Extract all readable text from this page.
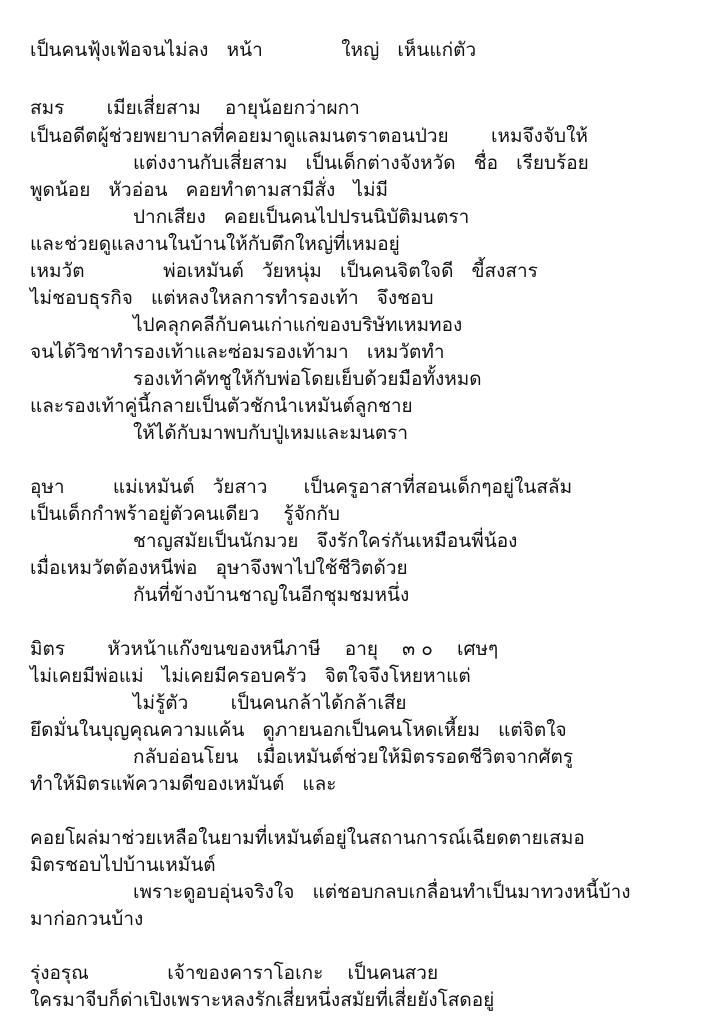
เป็นคนฟุ้งเฟ้อจนไม่ลง   หน้า             ใหญ่   เห็นแก่ตัว
สมร       เมียเสี่ยสาม    อายุน้อยกว่าผกา
เป็นอดีตผู้ช่วยพยาบาลที่คอยมาดูแลมนตราตอนป่วย       เหมจึงจับให้
แต่งงานกับเสี่ยสาม   เป็นเด็กต่างจังหวัด   ชื่อ   เรียบร้อย
พูดน้อย   หัวอ่อน   คอยทำตามสามีสั่ง   ไม่มี
ปากเสียง   คอยเป็นคนไปปรนนิบัติมนตรา
และช่วยดูแลงานในบ้านให้กับตึกใหญ่ที่เหมอยู่
เหมวัต             พ่อเหมันต์   วัยหนุ่ม   เป็นคนจิตใจดี   ขี้สงสาร
ไม่ชอบธุรกิจ   แต่หลงใหลการทำรองเท้า   จึงชอบ
ไปคลุกคลีกับคนเก่าแก่ของบริษัทเหมทอง
จนได้วิชาทำรองเท้าและซ่อมรองเท้ามา   เหมวัตทำ
รองเท้าคัทชูให้กับพ่อโดยเย็บด้วยมือทั้งหมด
และรองเท้าคู่นี้กลายเป็นตัวชักนำเหมันต์ลูกชาย
ให้ได้กับมาพบกับปู่เหมและมนตรา
อุษา        แม่เหมันต์   วัยสาว      เป็นครูอาสาที่สอนเด็กๆอยู่ในสลัม
เป็นเด็กกำพร้าอยู่ตัวคนเดียว    รู้จักกับ
ชาญสมัยเป็นนักมวย   จึงรักใคร่กันเหมือนพี่น้อง
เมื่อเหมวัตต้องหนีพ่อ   อุษาจึงพาไปใช้ชีวิตด้วย
กันที่ข้างบ้านชาญในอีกชุมชมหนึ่ง
มิตร       หัวหน้าแก๊งขนของหนีภาษี    อายุ    ๓ ๐    เศษๆ
ไม่เคยมีพ่อแม่   ไม่เคยมีครอบครัว   จิตใจจึงโหยหาแต่
ไม่รู้ตัว       เป็นคนกล้าได้กล้าเสีย
ยึดมั่นในบุญคุณความแค้น   ดูภายนอกเป็นคนโหดเหี้ยม   แต่จิตใจ
กลับอ่อนโยน   เมื่อเหมันต์ช่วยให้มิตรรอดชีวิตจากศัตรู
ทำให้มิตรแพ้ความดีของเหมันต์   และ
คอยโผล่มาช่วยเหลือในยามที่เหมันต์อยู่ในสถานการณ์เฉียดตายเสมอ
มิตรชอบไปบ้านเหมันต์
เพราะดูอบอุ่นจริงใจ   แต่ชอบกลบเกลื่อนทำเป็นมาทวงหนี้บ้าง
มาก่อกวนบ้าง
รุ่งอรุณ             เจ้าของคาราโอเกะ    เป็นคนสวย
ใครมาจีบก็ด่าเปิงเพราะหลงรักเสี่ยหนึ่งสมัยที่เสี่ยยังโสดอยู่
